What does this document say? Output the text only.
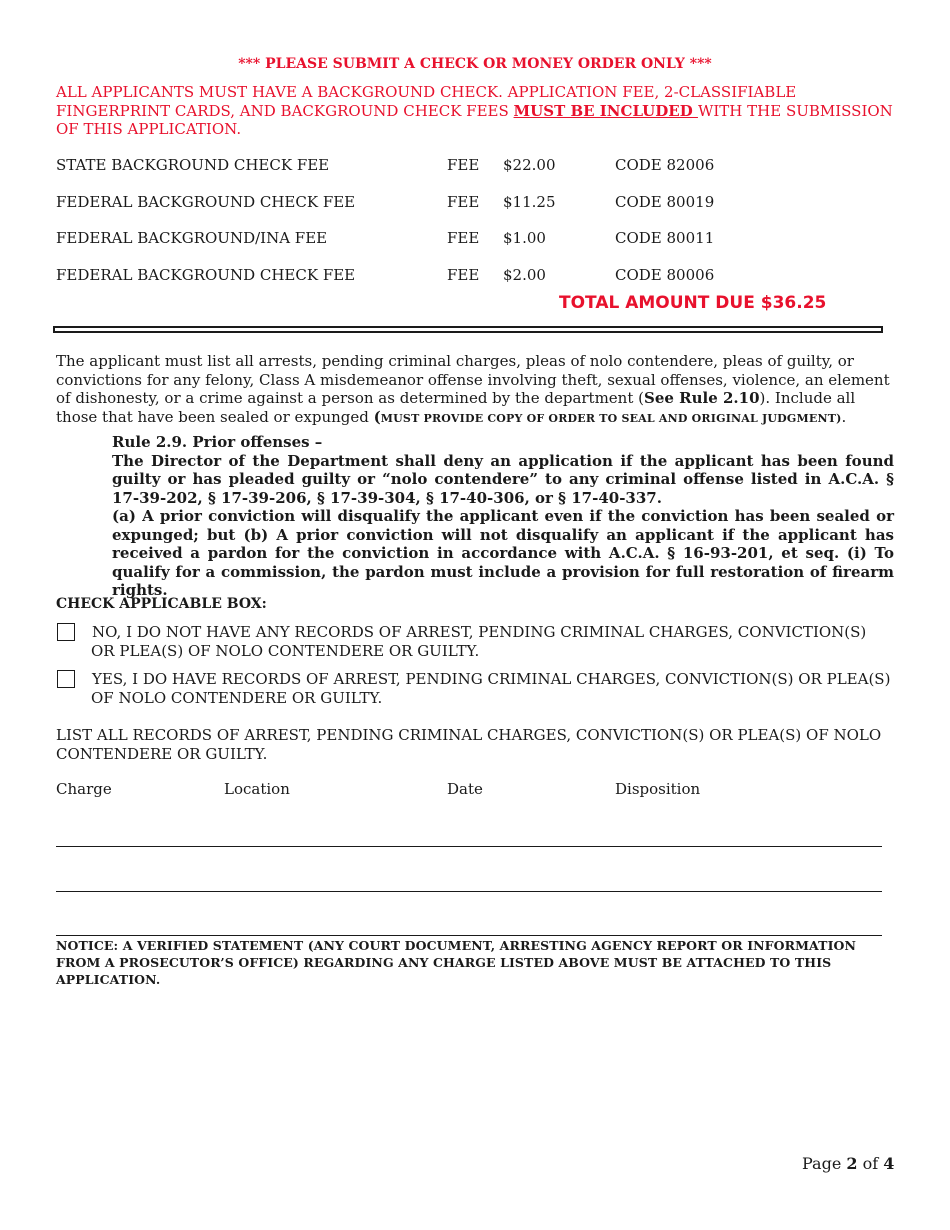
*** PLEASE SUBMIT A CHECK OR MONEY ORDER ONLY ***
ALL APPLICANTS MUST HAVE A BACKGROUND CHECK. APPLICATION FEE, 2-CLASSIFIABLE FINGERPRINT CARDS, AND BACKGROUND CHECK FEES MUST BE INCLUDED WITH THE SUBMISSION OF THIS APPLICATION.
STATE BACKGROUND CHECK FEE	FEE $22.00	CODE 82006
FEDERAL BACKGROUND CHECK FEE	FEE $11.25	CODE 80019
FEDERAL BACKGROUND/INA FEE	FEE $1.00	CODE 80011
FEDERAL BACKGROUND CHECK FEE	FEE $2.00	CODE 80006
TOTAL AMOUNT DUE $36.25
The applicant must list all arrests, pending criminal charges, pleas of nolo contendere, pleas of guilty, or convictions for any felony, Class A misdemeanor offense involving theft, sexual offenses, violence, an element of dishonesty, or a crime against a person as determined by the department (See Rule 2.10). Include all those that have been sealed or expunged (MUST PROVIDE COPY OF ORDER TO SEAL AND ORIGINAL JUDGMENT).

Rule 2.9. Prior offenses –

The Director of the Department shall deny an application if the applicant has been found guilty or has pleaded guilty or “nolo contendere” to any criminal offense listed in A.C.A. § 17-39-202, § 17-39-206, § 17-39-304, § 17-40-306, or § 17-40-337.

(a) A prior conviction will disqualify the applicant even if the conviction has been sealed or expunged; but (b) A prior conviction will not disqualify an applicant if the applicant has received a pardon for the conviction in accordance with A.C.A. § 16-93-201, et seq. (i) To qualify for a commission, the pardon must include a provision for full restoration of firearm rights.

CHECK APPLICABLE BOX:
NO, I DO NOT HAVE ANY RECORDS OF ARREST, PENDING CRIMINAL CHARGES, CONVICTION(S) OR PLEA(S) OF NOLO CONTENDERE OR GUILTY.
YES, I DO HAVE RECORDS OF ARREST, PENDING CRIMINAL CHARGES, CONVICTION(S) OR PLEA(S) OF NOLO CONTENDERE OR GUILTY.
LIST ALL RECORDS OF ARREST, PENDING CRIMINAL CHARGES, CONVICTION(S) OR PLEA(S) OF NOLO CONTENDERE OR GUILTY.
Charge	Location	Date	Disposition
NOTICE: A VERIFIED STATEMENT (ANY COURT DOCUMENT, ARRESTING AGENCY REPORT OR INFORMATION FROM A PROSECUTOR’S OFFICE) REGARDING ANY CHARGE LISTED ABOVE MUST BE ATTACHED TO THIS APPLICATION.
Page 2 of 4
